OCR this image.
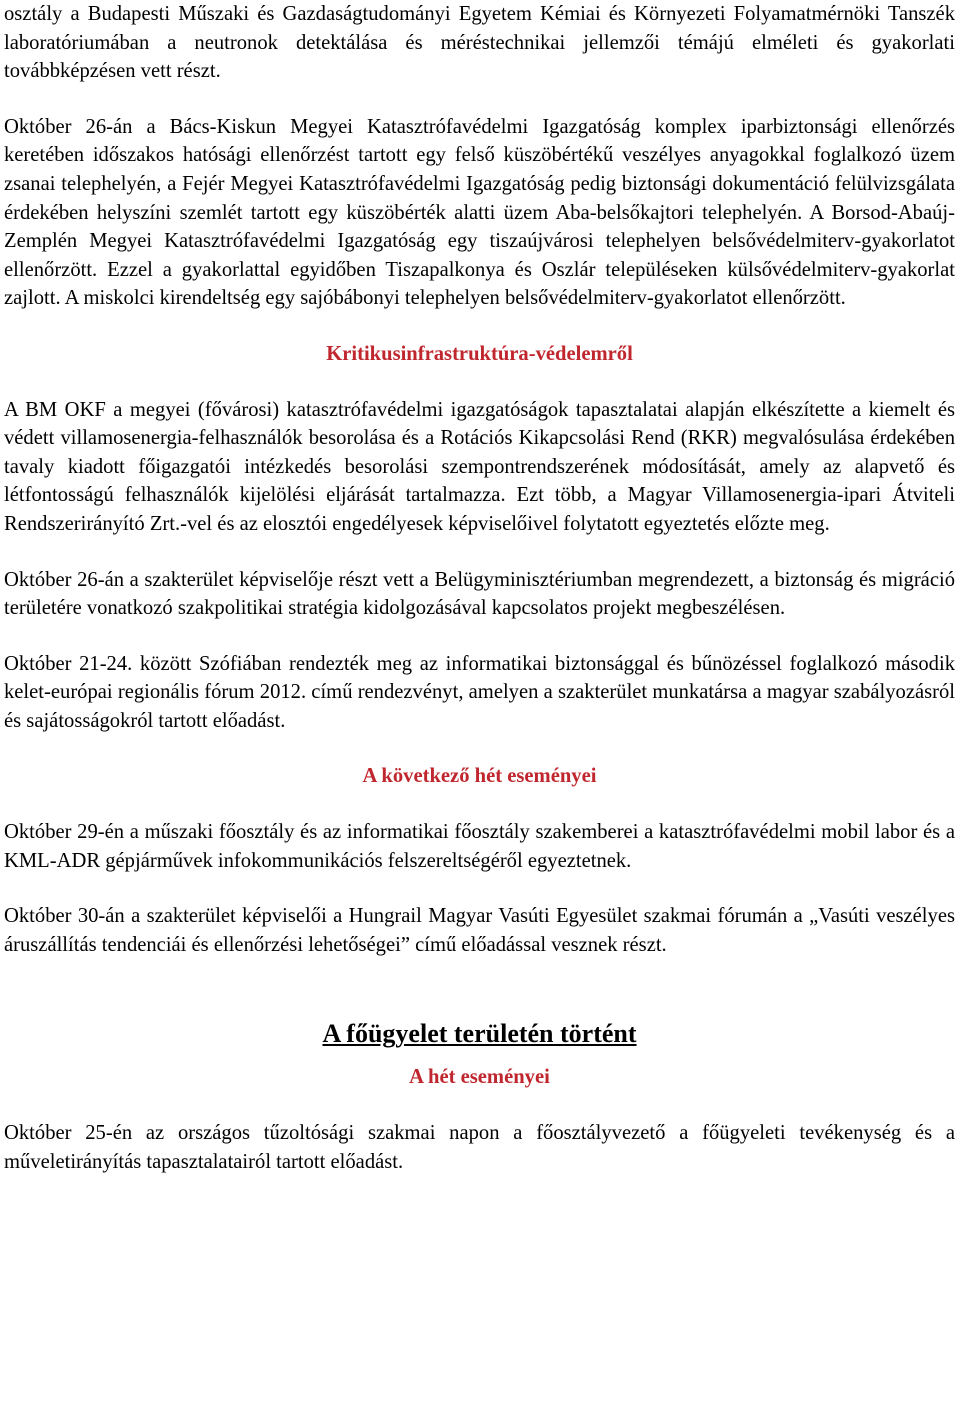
osztály a Budapesti Műszaki és Gazdaságtudományi Egyetem Kémiai és Környezeti Folyamatmérnöki Tanszék laboratóriumában a neutronok detektálása és méréstechnikai jellemzői témájú elméleti és gyakorlati továbbképzésen vett részt.

Október 26-án a Bács-Kiskun Megyei Katasztrófavédelmi Igazgatóság komplex iparbiztonsági ellenőrzés keretében időszakos hatósági ellenőrzést tartott egy felső küszöbértékű veszélyes anyagokkal foglalkozó üzem zsanai telephelyén, a Fejér Megyei Katasztrófavédelmi Igazgatóság pedig biztonsági dokumentáció felülvizsgálata érdekében helyszíni szemlét tartott egy küszöbérték alatti üzem Aba-belsőkajtori telephelyén. A Borsod-Abaúj-Zemplén Megyei Katasztrófavédelmi Igazgatóság egy tiszaújvárosi telephelyen belsővédelmiterv-gyakorlatot ellenőrzött. Ezzel a gyakorlattal egyidőben Tiszapalkonya és Oszlár településeken külsővédelmiterv-gyakorlat zajlott. A miskolci kirendeltség egy sajóbábonyi telephelyen belsővédelmiterv-gyakorlatot ellenőrzött.

Kritikusinfrastruktúra-védelemről

A BM OKF a megyei (fővárosi) katasztrófavédelmi igazgatóságok tapasztalatai alapján elkészítette a kiemelt és védett villamosenergia-felhasználók besorolása és a Rotációs Kikapcsolási Rend (RKR) megvalósulása érdekében tavaly kiadott főigazgatói intézkedés besorolási szempontrendszerének módosítását, amely az alapvető és létfontosságú felhasználók kijelölési eljárását tartalmazza. Ezt több, a Magyar Villamosenergia-ipari Átviteli Rendszerirányító Zrt.-vel és az elosztói engedélyesek képviselőivel folytatott egyeztetés előzte meg.

Október 26-án a szakterület képviselője részt vett a Belügyminisztériumban megrendezett, a biztonság és migráció területére vonatkozó szakpolitikai stratégia kidolgozásával kapcsolatos projekt megbeszélésen.

Október 21-24. között Szófiában rendezték meg az informatikai biztonsággal és bűnözéssel foglalkozó második kelet-európai regionális fórum 2012. című rendezvényt, amelyen a szakterület munkatársa a magyar szabályozásról és sajátosságokról tartott előadást.

A következő hét eseményei

Október 29-én a műszaki főosztály és az informatikai főosztály szakemberei a katasztrófavédelmi mobil labor és a KML-ADR gépjárművek infokommunikációs felszereltségéről egyeztetnek.

Október 30-án a szakterület képviselői a Hungrail Magyar Vasúti Egyesület szakmai fórumán a „Vasúti veszélyes áruszállítás tendenciái és ellenőrzési lehetőségei” című előadással vesznek részt.

A főügyelet területén történt
A hét eseményei

Október 25-én az országos tűzoltósági szakmai napon a főosztályvezető a főügyeleti tevékenység és a műveletirányítás tapasztalatairól tartott előadást.
